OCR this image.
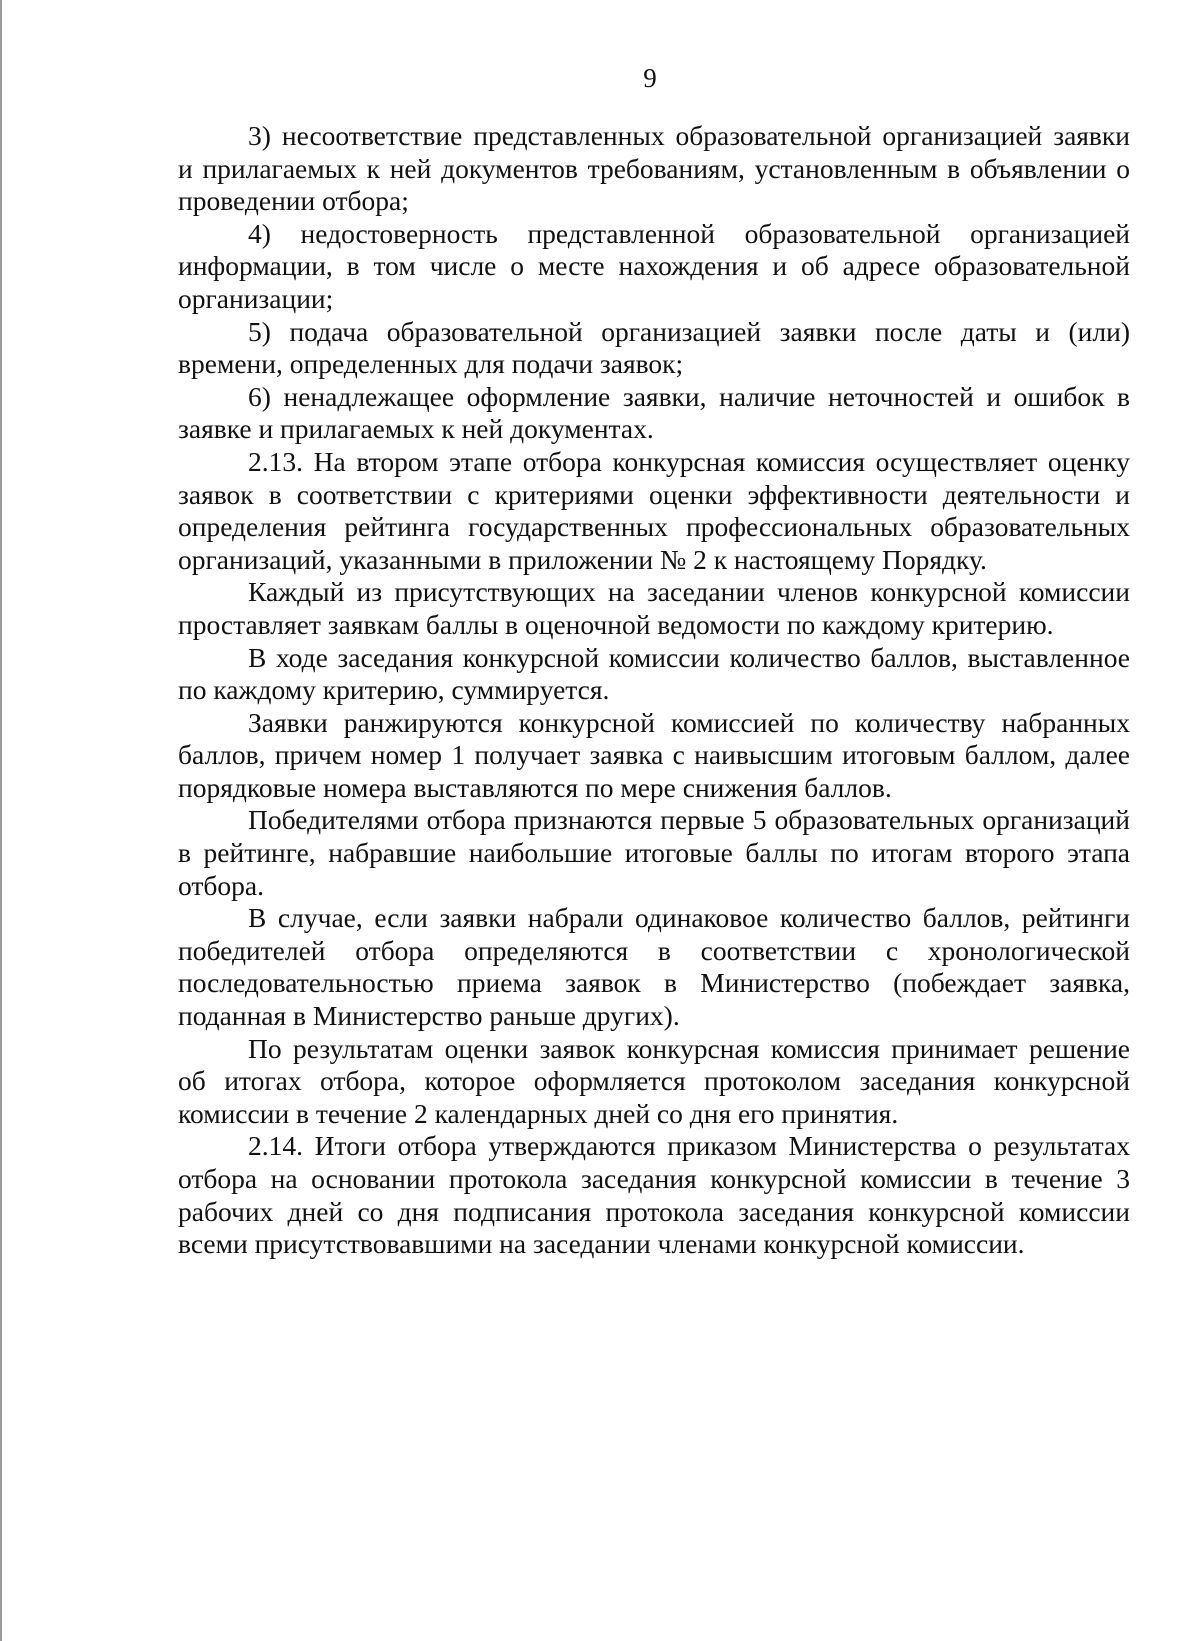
9

3) несоответствие представленных образовательной организацией заявки и прилагаемых к ней документов требованиям, установленным в объявлении о проведении отбора;

4) недостоверность представленной образовательной организацией информации, в том числе о месте нахождения и об адресе образовательной организации;

5) подача образовательной организацией заявки после даты и (или) времени, определенных для подачи заявок;

6) ненадлежащее оформление заявки, наличие неточностей и ошибок в заявке и прилагаемых к ней документах.

2.13. На втором этапе отбора конкурсная комиссия осуществляет оценку заявок в соответствии с критериями оценки эффективности деятельности и определения рейтинга государственных профессиональных образовательных организаций, указанными в приложении № 2 к настоящему Порядку.

Каждый из присутствующих на заседании членов конкурсной комиссии проставляет заявкам баллы в оценочной ведомости по каждому критерию.

В ходе заседания конкурсной комиссии количество баллов, выставленное по каждому критерию, суммируется.

Заявки ранжируются конкурсной комиссией по количеству набранных баллов, причем номер 1 получает заявка с наивысшим итоговым баллом, далее порядковые номера выставляются по мере снижения баллов.

Победителями отбора признаются первые 5 образовательных организаций в рейтинге, набравшие наибольшие итоговые баллы по итогам второго этапа отбора.

В случае, если заявки набрали одинаковое количество баллов, рейтинги победителей отбора определяются в соответствии с хронологической последовательностью приема заявок в Министерство (побеждает заявка, поданная в Министерство раньше других).

По результатам оценки заявок конкурсная комиссия принимает решение об итогах отбора, которое оформляется протоколом заседания конкурсной комиссии в течение 2 календарных дней со дня его принятия.

2.14. Итоги отбора утверждаются приказом Министерства о результатах отбора на основании протокола заседания конкурсной комиссии в течение 3 рабочих дней со дня подписания протокола заседания конкурсной комиссии всеми присутствовавшими на заседании членами конкурсной комиссии.
